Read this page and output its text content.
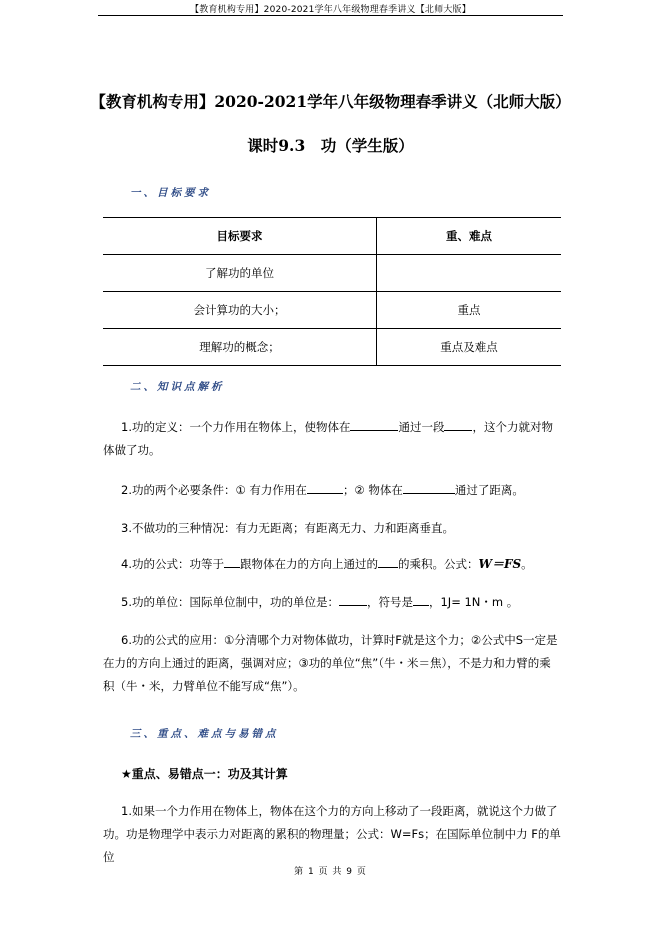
【教育机构专用】2020-2021学年八年级物理春季讲义【北师大版】
【教育机构专用】2020-2021学年八年级物理春季讲义（北师大版）
课时9.3　功（学生版）
一、目标要求
目标要求	重、难点
了解功的单位	
会计算功的大小；	重点
理解功的概念；	重点及难点
二、知识点解析
1.功的定义：一个力作用在物体上，使物体在	通过一段 ，这个力就对物
体做了功。
2.功的两个必要条件：① 有力作用在	；② 物体在	通过了距离。
3.不做功的三种情况：有力无距离；有距离无力、力和距离垂直。
4.功的公式：功等于 跟物体在力的方向上通过的 的乘积。公式：W＝FS。
5.功的单位：国际单位制中，功的单位是： ，符号是 ，1J= 1N・m 。
6.功的公式的应用：①分清哪个力对物体做功，计算时F就是这个力；②公式中S一定是在力的方向上通过的距离，强调对应；③功的单位“焦”（牛・米＝焦），不是力和力臂的乘积（牛・米，力臂单位不能写成“焦”）。
三、重点、难点与易错点
★重点、易错点一：功及其计算
1.如果一个力作用在物体上，物体在这个力的方向上移动了一段距离，就说这个力做了功。功是物理学中表示力对距离的累积的物理量；公式：W=Fs；在国际单位制中力 F的单位
第 1 页 共 9 页
